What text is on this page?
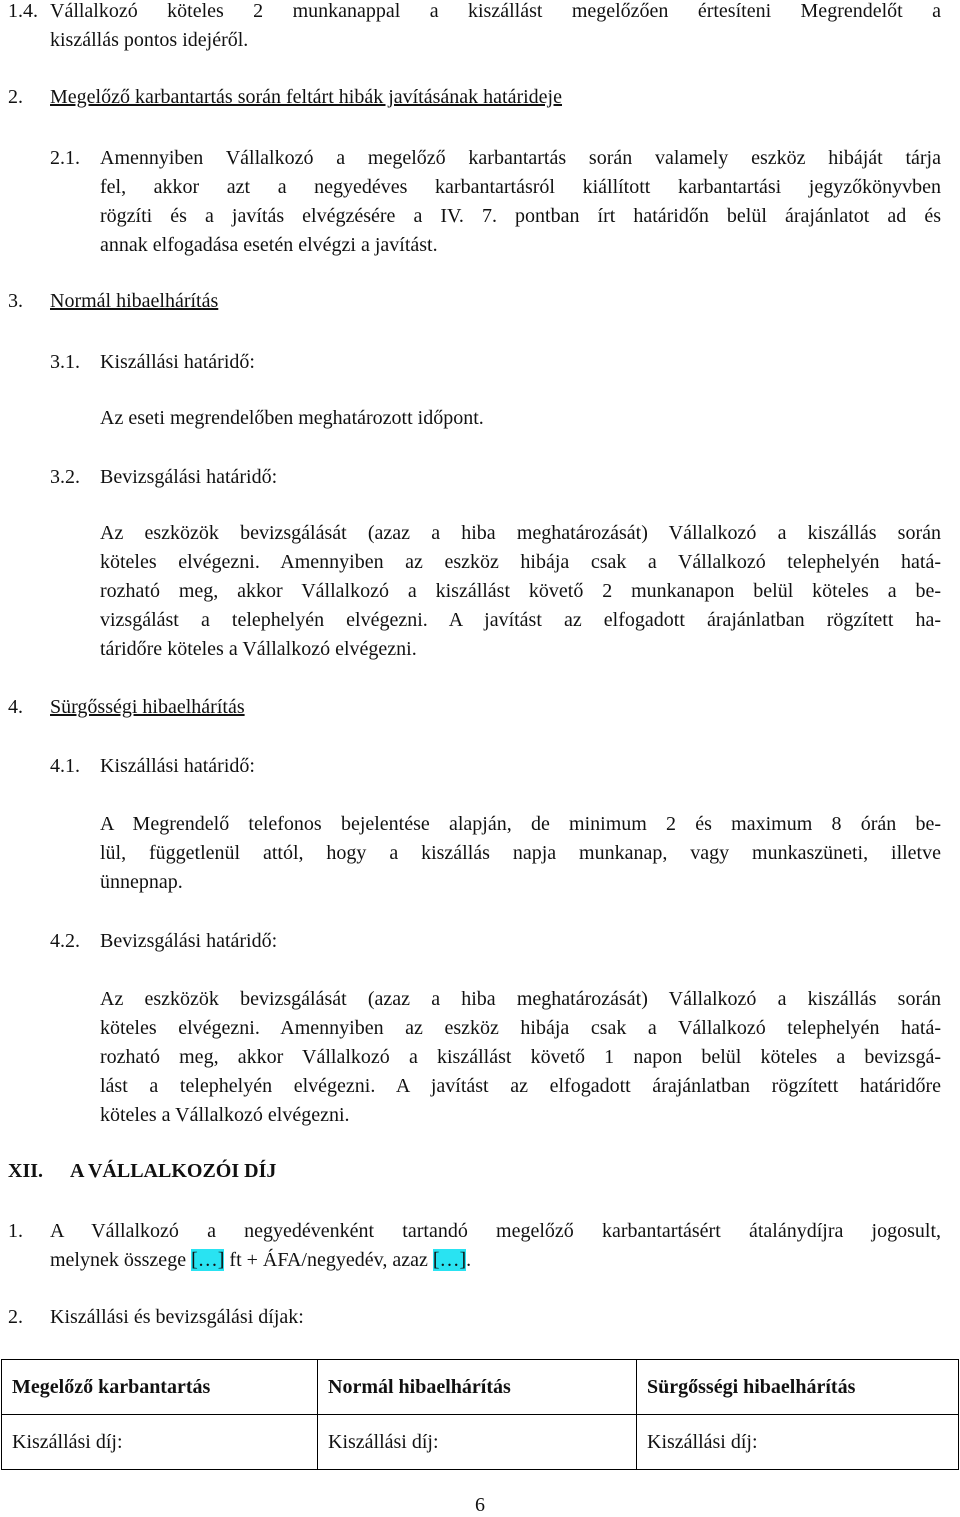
1.4. Vállalkozó köteles 2 munkanappal a kiszállást megelőzően értesíteni Megrendelőt a
kiszállás pontos idejéről.
2. Megelőző karbantartás során feltárt hibák javításának határideje
2.1. Amennyiben Vállalkozó a megelőző karbantartás során valamely eszköz hibáját tárja
fel, akkor azt a negyedéves karbantartásról kiállított karbantartási jegyzőkönyvben
rögzíti és a javítás elvégzésére a IV. 7. pontban írt határidőn belül árajánlatot ad és
annak elfogadása esetén elvégzi a javítást.
3. Normál hibaelhárítás
3.1. Kiszállási határidő:
Az eseti megrendelőben meghatározott időpont.
3.2. Bevizsgálási határidő:
Az eszközök bevizsgálását (azaz a hiba meghatározását) Vállalkozó a kiszállás során
köteles elvégezni. Amennyiben az eszköz hibája csak a Vállalkozó telephelyén hatá-
rozható meg, akkor Vállalkozó a kiszállást követő 2 munkanapon belül köteles a be-
vizsgálást a telephelyén elvégezni. A javítást az elfogadott árajánlatban rögzített ha-
táridőre köteles a Vállalkozó elvégezni.
4. Sürgősségi hibaelhárítás
4.1. Kiszállási határidő:
A Megrendelő telefonos bejelentése alapján, de minimum 2 és maximum 8 órán be-
lül, függetlenül attól, hogy a kiszállás napja munkanap, vagy munkaszüneti, illetve
ünnepnap.
4.2. Bevizsgálási határidő:
Az eszközök bevizsgálását (azaz a hiba meghatározását) Vállalkozó a kiszállás során
köteles elvégezni. Amennyiben az eszköz hibája csak a Vállalkozó telephelyén hatá-
rozható meg, akkor Vállalkozó a kiszállást követő 1 napon belül köteles a bevizsgá-
lást a telephelyén elvégezni. A javítást az elfogadott árajánlatban rögzített határidőre
köteles a Vállalkozó elvégezni.
XII. A VÁLLALKOZÓI DÍJ
1. A Vállalkozó a negyedévenként tartandó megelőző karbantartásért átalánydíjra jogosult,
melynek összege […] ft + ÁFA/negyedév, azaz […].
2. Kiszállási és bevizsgálási díjak:
Megelőző karbantartás	Normál hibaelhárítás	Sürgősségi hibaelhárítás
Kiszállási díj:	Kiszállási díj:	Kiszállási díj:
6
